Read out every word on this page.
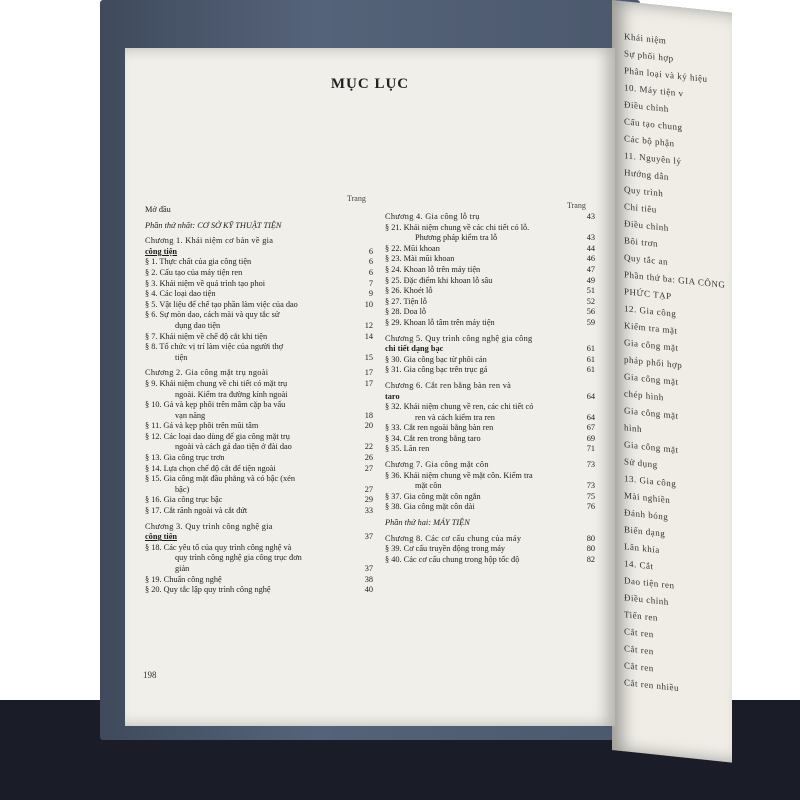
Khái niệm
Sự phối hợp
Phân loại và ký hiệu
10. Máy tiện v
Điều chỉnh
Cấu tạo chung
Các bộ phận
11. Nguyên lý
Hướng dẫn
Quy trình
Chỉ tiêu
Điều chỉnh
Bôi trơn
Quy tắc an
Phần thứ ba: GIA CÔNG
PHỨC TẠP
12. Gia công
Kiểm tra mặt
Gia công mặt
pháp phối hợp
Gia công mặt
chép hình
Gia công mặt
hình
Gia công mặt
Sử dụng
13. Gia công
Mài nghiền
Đánh bóng
Biến dạng
Lăn khía
14. Cắt
Dao tiện ren
Điều chỉnh
Tiến ren
Cắt ren
Cắt ren
Cắt ren
Cắt ren nhiều
MỤC LỤC
Trang
Trang
Mở đầu
Phần thứ nhất: CƠ SỞ KỸ THUẬT TIỆN
Chương 1. Khái niệm cơ bản về gia
công tiện	6
§ 1. Thực chất của gia công tiện	6
§ 2. Cấu tạo của máy tiện ren	6
§ 3. Khái niệm về quá trình tạo phoi	7
§ 4. Các loại dao tiện	9
§ 5. Vật liệu để chế tạo phần làm việc của dao	10
§ 6. Sự mòn dao, cách mài và quy tắc sử
dụng dao tiện	12
§ 7. Khái niệm về chế độ cắt khi tiện	14
§ 8. Tổ chức vị trí làm việc của người thợ
tiện	15
Chương 2. Gia công mặt trụ ngoài	17
§ 9. Khái niệm chung về chi tiết có mặt trụ	17
ngoài. Kiểm tra đường kính ngoài
§ 10. Gá và kẹp phôi trên mâm cặp ba vấu
vạn năng	18
§ 11. Gá và kẹp phôi trên mũi tâm	20
§ 12. Các loại dao dùng để gia công mặt trụ
ngoài và cách gá dao tiện ở đài dao	22
§ 13. Gia công trục trơn	26
§ 14. Lựa chọn chế độ cắt để tiện ngoài	27
§ 15. Gia công mặt đầu phẳng và có bậc (xén
bậc)	27
§ 16. Gia công trục bậc	29
§ 17. Cắt rãnh ngoài và cắt đứt	33
Chương 3. Quy trình công nghệ gia
công tiện	37
§ 18. Các yêu tố của quy trình công nghệ và
quy trình công nghệ gia công trục đơn
giản	37
§ 19. Chuẩn công nghệ	38
§ 20. Quy tắc lập quy trình công nghệ	40
Chương 4. Gia công lỗ trụ	43
§ 21. Khái niệm chung về các chi tiết có lỗ.
Phương pháp kiểm tra lỗ	43
§ 22. Mũi khoan	44
§ 23. Mài mũi khoan	46
§ 24. Khoan lỗ trên máy tiện	47
§ 25. Đặc điểm khi khoan lỗ sâu	49
§ 26. Khoét lỗ	51
§ 27. Tiện lỗ	52
§ 28. Doa lỗ	56
§ 29. Khoan lỗ tâm trên máy tiện	59
Chương 5. Quy trình công nghệ gia công
chi tiết dạng bạc	61
§ 30. Gia công bạc từ phôi cán	61
§ 31. Gia công bạc trên trục gá	61
Chương 6. Cắt ren bằng bàn ren và
taro	64
§ 32. Khái niệm chung về ren, các chi tiết có
ren và cách kiểm tra ren	64
§ 33. Cắt ren ngoài bằng bàn ren	67
§ 34. Cắt ren trong bằng taro	69
§ 35. Lăn ren	71
Chương 7. Gia công mặt côn	73
§ 36. Khái niệm chung về mặt côn. Kiểm tra
mặt côn	73
§ 37. Gia công mặt côn ngắn	75
§ 38. Gia công mặt côn dài	76
Phần thứ hai: MÁY TIỆN
Chương 8. Các cơ cấu chung của máy	80
§ 39. Cơ cấu truyền động trong máy	80
§ 40. Các cơ cấu chung trong hộp tốc độ	82
198
